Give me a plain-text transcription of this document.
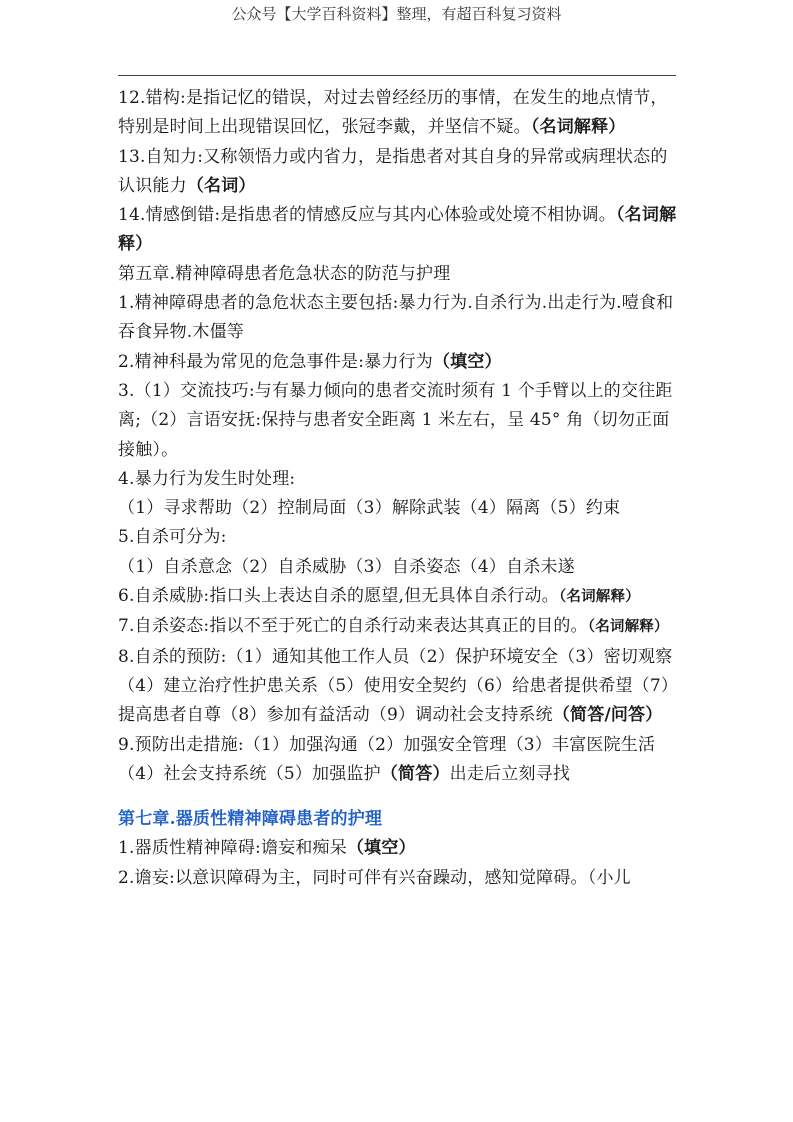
公众号【大学百科资料】整理，有超百科复习资料

12.错构:是指记忆的错误，对过去曾经经历的事情，在发生的地点情节，特别是时间上出现错误回忆，张冠李戴，并坚信不疑。（名词解释）

13.自知力:又称领悟力或内省力，是指患者对其自身的异常或病理状态的认识能力（名词）

14.情感倒错:是指患者的情感反应与其内心体验或处境不相协调。（名词解释）

第五章.精神障碍患者危急状态的防范与护理

1.精神障碍患者的急危状态主要包括:暴力行为.自杀行为.出走行为.噎食和吞食异物.木僵等

2.精神科最为常见的危急事件是:暴力行为（填空）

3.（1）交流技巧:与有暴力倾向的患者交流时须有 1 个手臂以上的交往距离;（2）言语安抚:保持与患者安全距离 1 米左右，呈 45° 角（切勿正面接触）。

4.暴力行为发生时处理:

（1）寻求帮助（2）控制局面（3）解除武装（4）隔离（5）约束

5.自杀可分为:

（1）自杀意念（2）自杀威胁（3）自杀姿态（4）自杀未遂

6.自杀威胁:指口头上表达自杀的愿望,但无具体自杀行动。（名词解释）

7.自杀姿态:指以不至于死亡的自杀行动来表达其真正的目的。（名词解释）

8.自杀的预防:（1）通知其他工作人员（2）保护环境安全（3）密切观察（4）建立治疗性护患关系（5）使用安全契约（6）给患者提供希望（7）提高患者自尊（8）参加有益活动（9）调动社会支持系统（简答/问答）

9.预防出走措施:（1）加强沟通（2）加强安全管理（3）丰富医院生活（4）社会支持系统（5）加强监护（简答）出走后立刻寻找

第七章.器质性精神障碍患者的护理

1.器质性精神障碍:谵妄和痴呆（填空）

2.谵妄:以意识障碍为主，同时可伴有兴奋躁动，感知觉障碍。（小儿
